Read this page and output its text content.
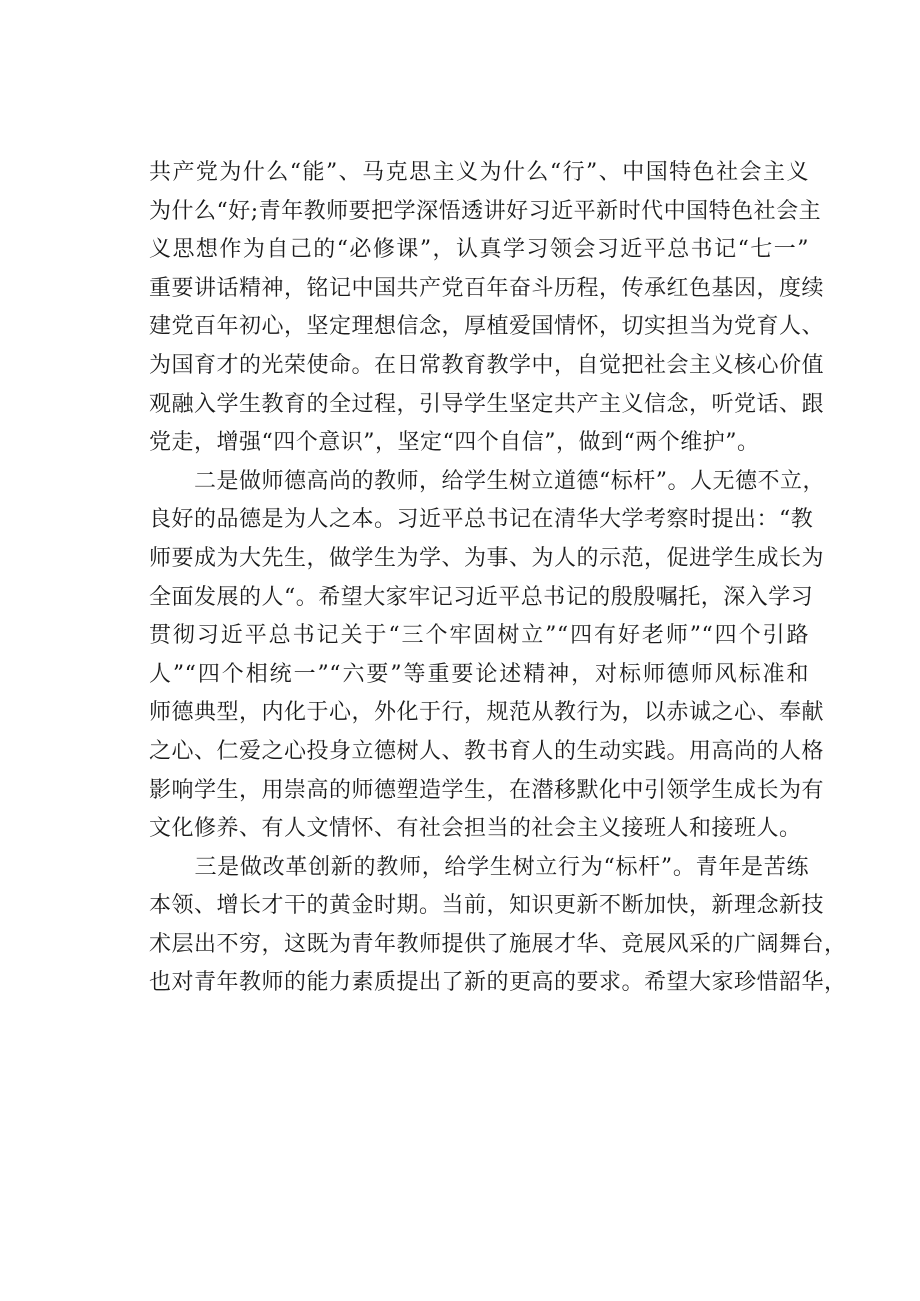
共产党为什么“能”、马克思主义为什么“行”、中国特色社会主义
为什么“好;青年教师要把学深悟透讲好习近平新时代中国特色社会主
义思想作为自己的“必修课”，认真学习领会习近平总书记“七一”
重要讲话精神，铭记中国共产党百年奋斗历程，传承红色基因，度续
建党百年初心，坚定理想信念，厚植爱国情怀，切实担当为党育人、
为国育才的光荣使命。在日常教育教学中，自觉把社会主义核心价值
观融入学生教育的全过程，引导学生坚定共产主义信念，听党话、跟
党走，增强“四个意识”，坚定“四个自信”，做到“两个维护”。
　　二是做师德高尚的教师，给学生树立道德“标杆”。人无德不立，
良好的品德是为人之本。习近平总书记在清华大学考察时提出：“教
师要成为大先生，做学生为学、为事、为人的示范，促进学生成长为
全面发展的人“。希望大家牢记习近平总书记的殷殷嘱托，深入学习
贯彻习近平总书记关于“三个牢固树立”“四有好老师”“四个引路
人”“四个相统一”“六要”等重要论述精神，对标师德师风标准和
师德典型，内化于心，外化于行，规范从教行为，以赤诚之心、奉献
之心、仁爱之心投身立德树人、教书育人的生动实践。用高尚的人格
影响学生，用崇高的师德塑造学生，在潜移默化中引领学生成长为有
文化修养、有人文情怀、有社会担当的社会主义接班人和接班人。
　　三是做改革创新的教师，给学生树立行为“标杆”。青年是苦练
本领、增长才干的黄金时期。当前，知识更新不断加快，新理念新技
术层出不穷，这既为青年教师提供了施展才华、竞展风采的广阔舞台，
也对青年教师的能力素质提出了新的更高的要求。希望大家珍惜韶华，
